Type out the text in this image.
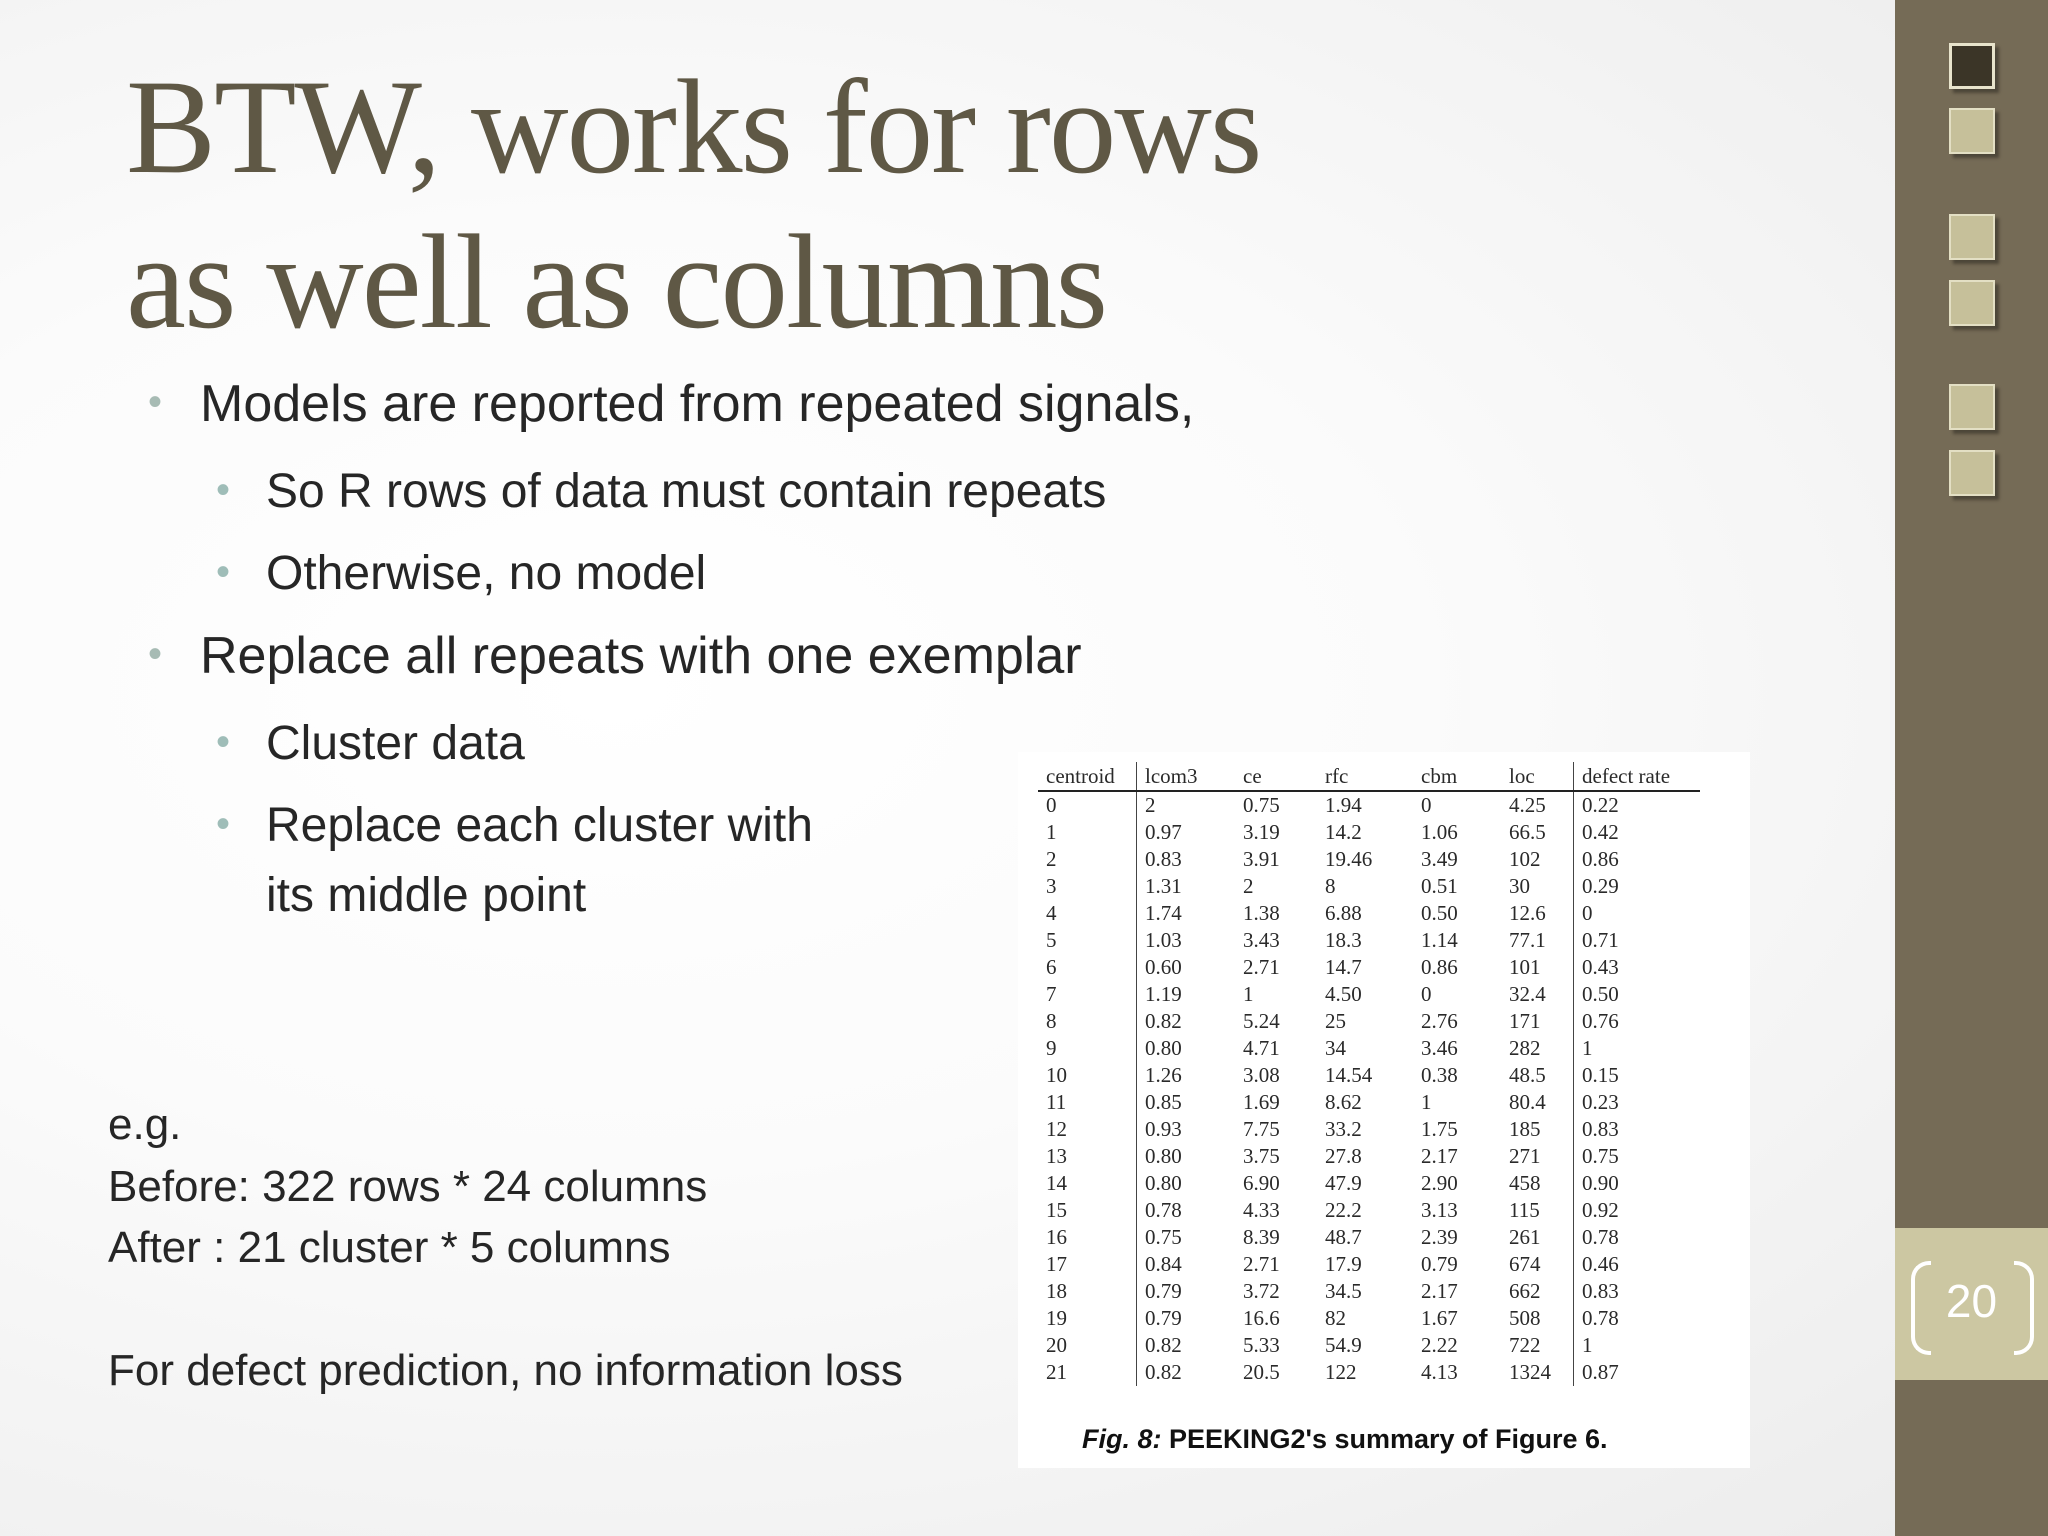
20
BTW, works for rows
as well as columns
• Models are reported from repeated signals,
• So R rows of data must contain repeats
• Otherwise, no model
• Replace all repeats with one exemplar
• Cluster data
• Replace each cluster with
its middle point
e.g.
Before: 322 rows * 24 columns
After : 21 cluster * 5 columns
For defect prediction, no information loss
centroid	lcom3	ce	rfc	cbm	loc	defect rate
0	2	0.75	1.94	0	4.25	0.22
1	0.97	3.19	14.2	1.06	66.5	0.42
2	0.83	3.91	19.46	3.49	102	0.86
3	1.31	2	8	0.51	30	0.29
4	1.74	1.38	6.88	0.50	12.6	0
5	1.03	3.43	18.3	1.14	77.1	0.71
6	0.60	2.71	14.7	0.86	101	0.43
7	1.19	1	4.50	0	32.4	0.50
8	0.82	5.24	25	2.76	171	0.76
9	0.80	4.71	34	3.46	282	1
10	1.26	3.08	14.54	0.38	48.5	0.15
11	0.85	1.69	8.62	1	80.4	0.23
12	0.93	7.75	33.2	1.75	185	0.83
13	0.80	3.75	27.8	2.17	271	0.75
14	0.80	6.90	47.9	2.90	458	0.90
15	0.78	4.33	22.2	3.13	115	0.92
16	0.75	8.39	48.7	2.39	261	0.78
17	0.84	2.71	17.9	0.79	674	0.46
18	0.79	3.72	34.5	2.17	662	0.83
19	0.79	16.6	82	1.67	508	0.78
20	0.82	5.33	54.9	2.22	722	1
21	0.82	20.5	122	4.13	1324	0.87
Fig. 8: PEEKING2's summary of Figure 6.
